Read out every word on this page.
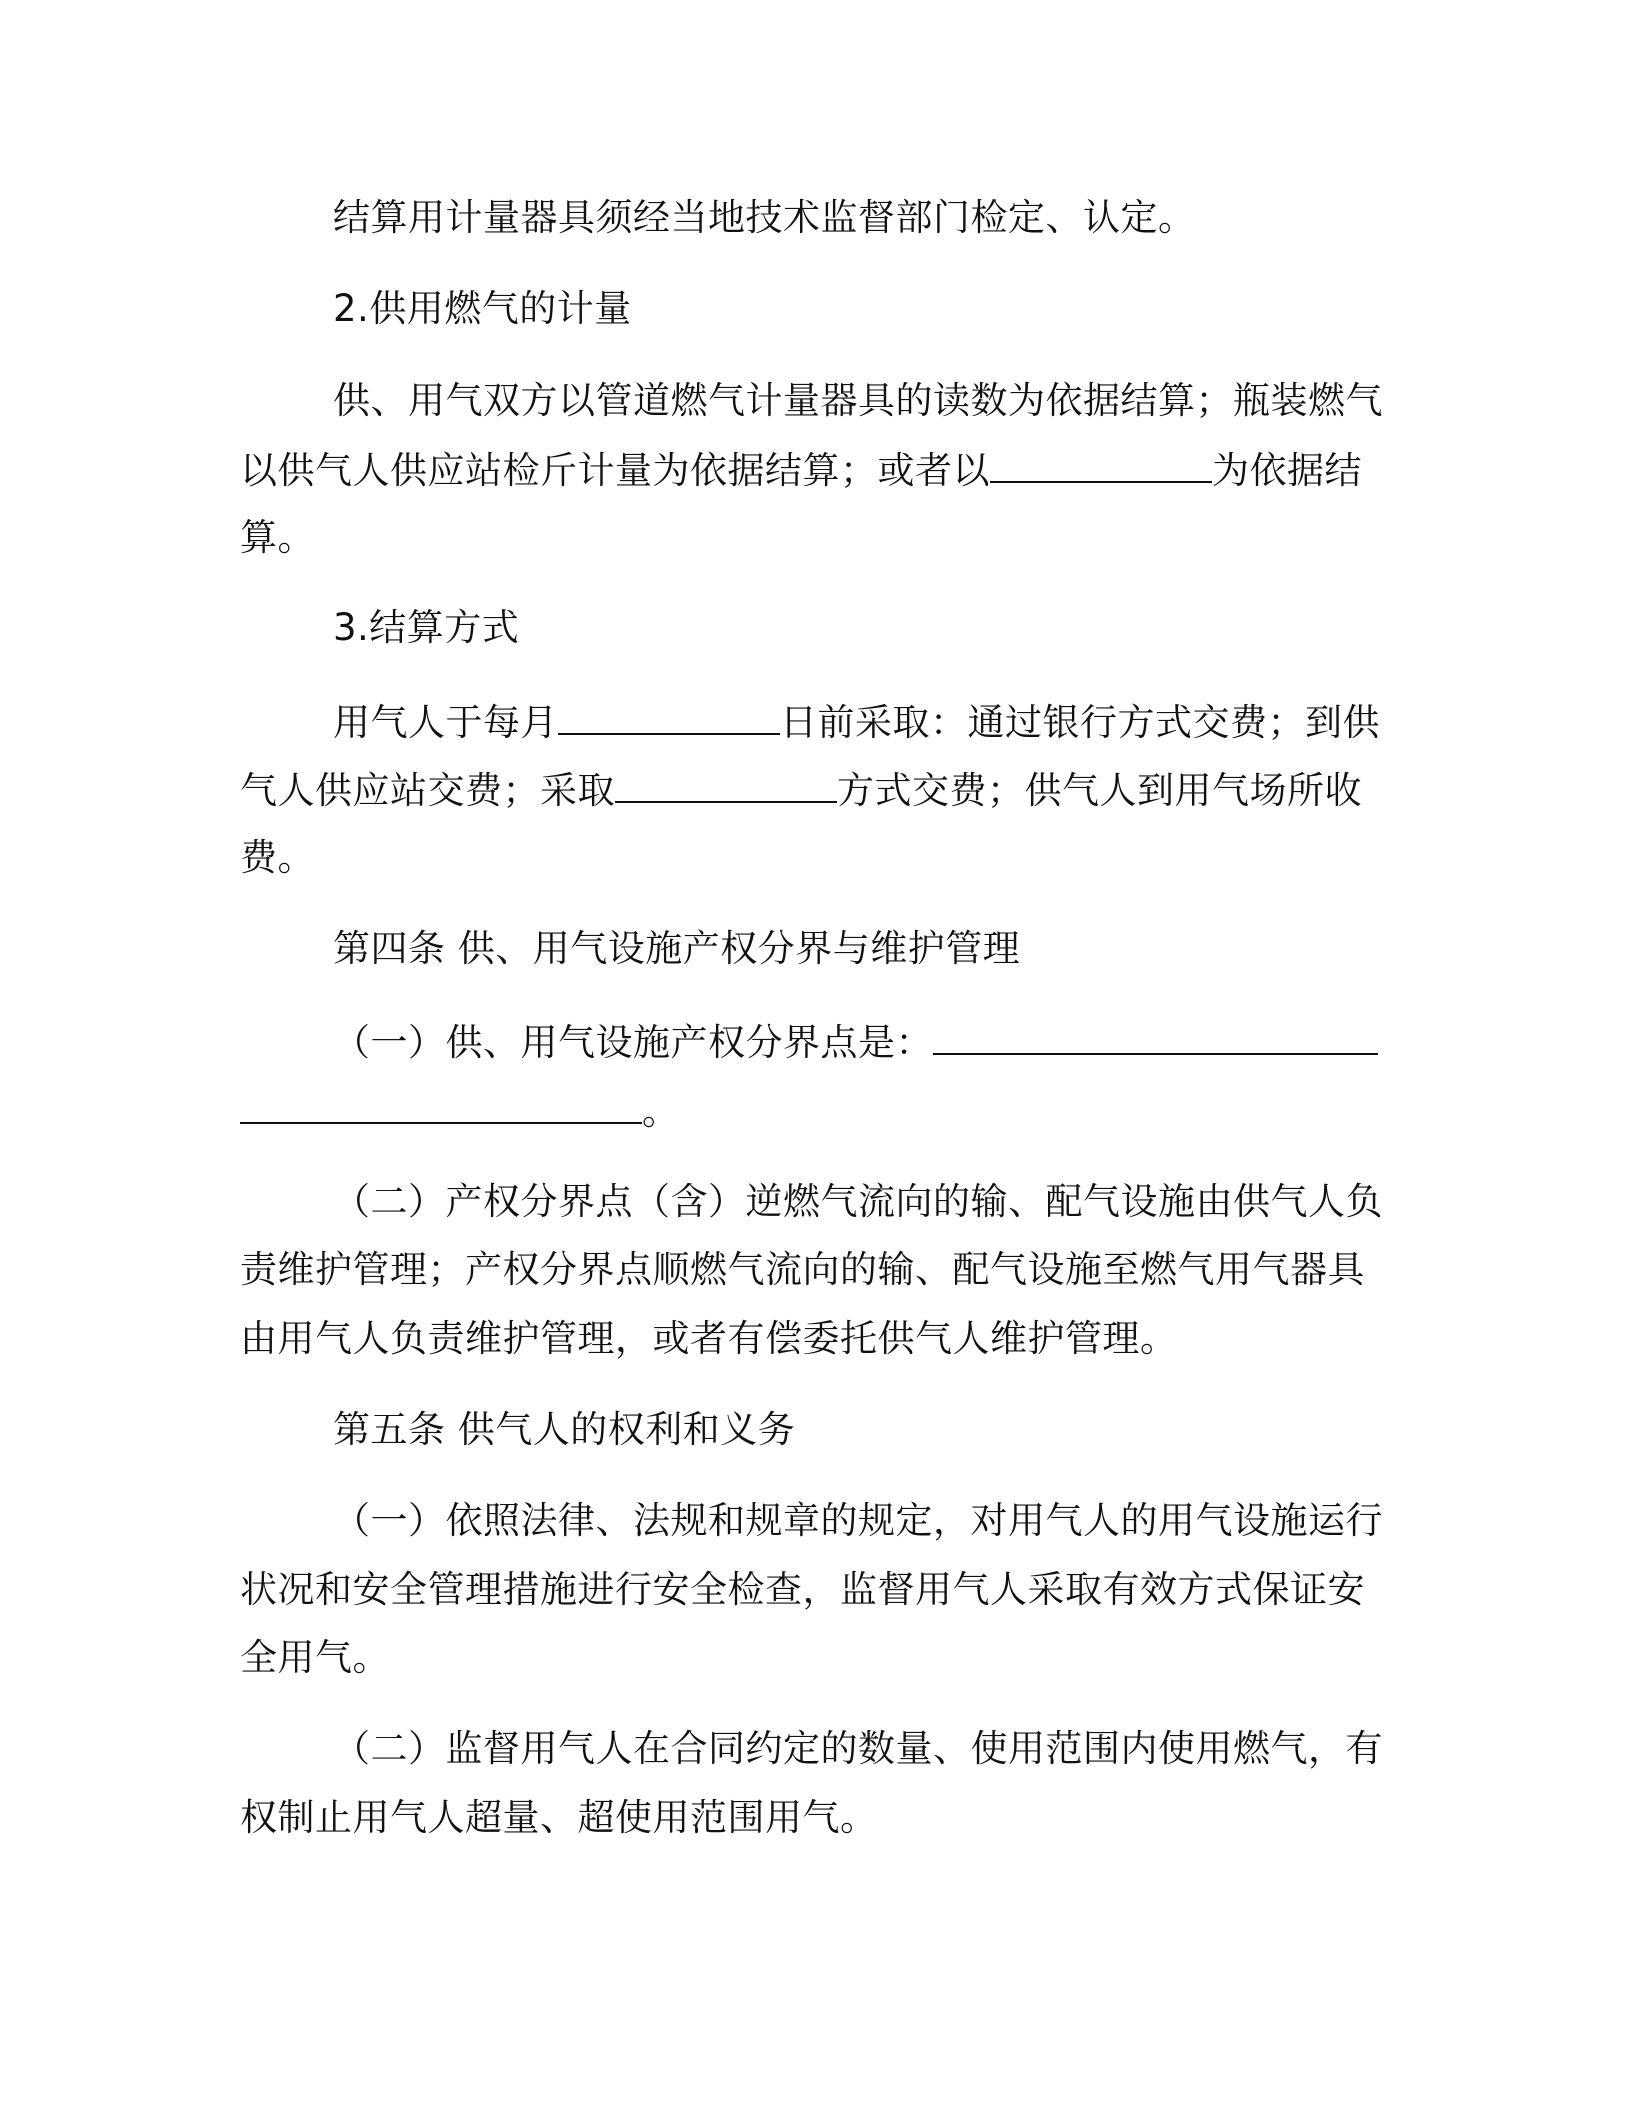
结算用计量器具须经当地技术监督部门检定、认定。
2.供用燃气的计量
供、用气双方以管道燃气计量器具的读数为依据结算；瓶装燃气
以供气人供应站检斤计量为依据结算；或者以	为依据结
算。
3.结算方式
用气人于每月	日前采取：通过银行方式交费；到供
气人供应站交费；采取	方式交费；供气人到用气场所收
费。
第四条 供、用气设施产权分界与维护管理
（一）供、用气设施产权分界点是：
。
（二）产权分界点（含）逆燃气流向的输、配气设施由供气人负
责维护管理；产权分界点顺燃气流向的输、配气设施至燃气用气器具
由用气人负责维护管理，或者有偿委托供气人维护管理。
第五条 供气人的权利和义务
（一）依照法律、法规和规章的规定，对用气人的用气设施运行
状况和安全管理措施进行安全检查，监督用气人采取有效方式保证安
全用气。
（二）监督用气人在合同约定的数量、使用范围内使用燃气，有
权制止用气人超量、超使用范围用气。
